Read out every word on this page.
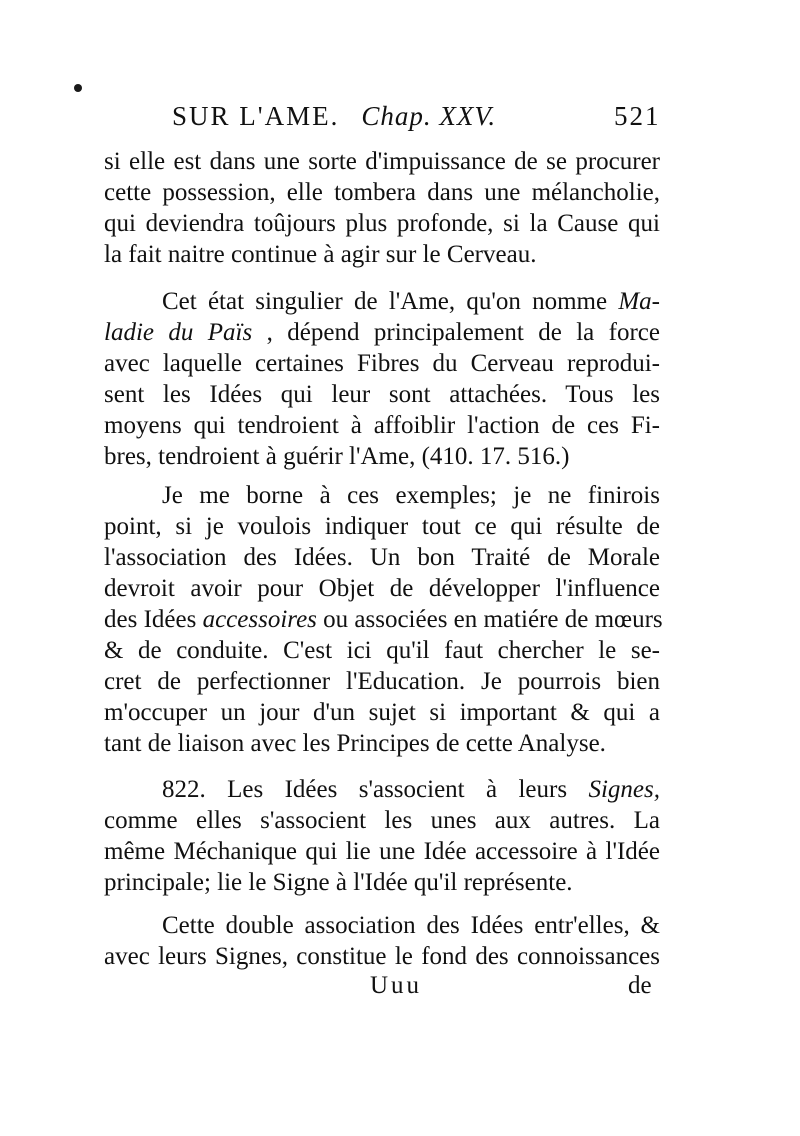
SUR L'AME. Chap. XXV.	521
si elle est dans une sorte d'impuissance de se procurer
cette possession, elle tombera dans une mélancholie,
qui deviendra toûjours plus profonde, si la Cause qui
la fait naitre continue à agir sur le Cerveau.
Cet état singulier de l'Ame, qu'on nomme Ma-
ladie du Païs , dépend principalement de la force
avec laquelle certaines Fibres du Cerveau reprodui-
sent les Idées qui leur sont attachées. Tous les
moyens qui tendroient à affoiblir l'action de ces Fi-
bres, tendroient à guérir l'Ame, (410. 17. 516.)
Je me borne à ces exemples; je ne finirois
point, si je voulois indiquer tout ce qui résulte de
l'association des Idées. Un bon Traité de Morale
devroit avoir pour Objet de développer l'influence
des Idées accessoires ou associées en matiére de mœurs
& de conduite. C'est ici qu'il faut chercher le se-
cret de perfectionner l'Education. Je pourrois bien
m'occuper un jour d'un sujet si important & qui a
tant de liaison avec les Principes de cette Analyse.
822. Les Idées s'associent à leurs Signes,
comme elles s'associent les unes aux autres. La
même Méchanique qui lie une Idée accessoire à l'Idée
principale; lie le Signe à l'Idée qu'il représente.
Cette double association des Idées entr'elles, &
avec leurs Signes, constitue le fond des connoissances
Uuu	de
